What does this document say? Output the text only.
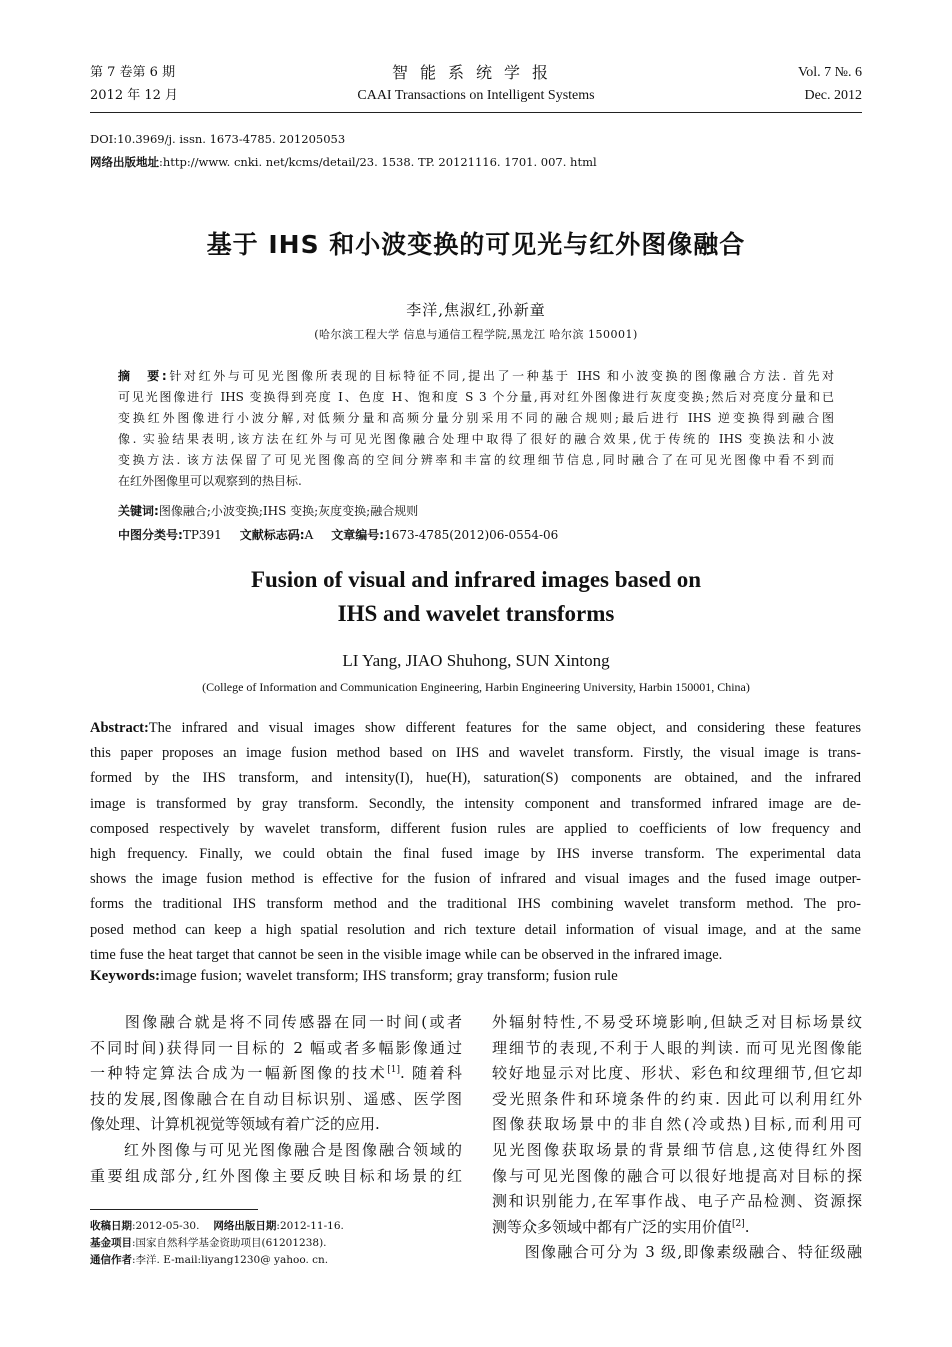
第 7 卷第 6 期
2012 年 12 月
智能系统学报
CAAI Transactions on Intelligent Systems
Vol. 7 №. 6
Dec. 2012
DOI:10.3969/j. issn. 1673-4785. 201205053
网络出版地址:http://www. cnki. net/kcms/detail/23. 1538. TP. 20121116. 1701. 007. html
基于 IHS 和小波变换的可见光与红外图像融合
李洋,焦淑红,孙新童
(哈尔滨工程大学 信息与通信工程学院,黑龙江 哈尔滨 150001)
摘　要:针对红外与可见光图像所表现的目标特征不同,提出了一种基于 IHS 和小波变换的图像融合方法. 首先对
可见光图像进行 IHS 变换得到亮度 I、色度 H、饱和度 S 3 个分量,再对红外图像进行灰度变换;然后对亮度分量和已
变换红外图像进行小波分解,对低频分量和高频分量分别采用不同的融合规则;最后进行 IHS 逆变换得到融合图
像. 实验结果表明,该方法在红外与可见光图像融合处理中取得了很好的融合效果,优于传统的 IHS 变换法和小波
变换方法. 该方法保留了可见光图像高的空间分辨率和丰富的纹理细节信息,同时融合了在可见光图像中看不到而
在红外图像里可以观察到的热目标.
关键词:图像融合;小波变换;IHS 变换;灰度变换;融合规则
中图分类号:TP391 文献标志码:A 文章编号:1673-4785(2012)06-0554-06
Fusion of visual and infrared images based on
IHS and wavelet transforms
LI Yang, JIAO Shuhong, SUN Xintong
(College of Information and Communication Engineering, Harbin Engineering University, Harbin 150001, China)
Abstract:The infrared and visual images show different features for the same object, and considering these features
this paper proposes an image fusion method based on IHS and wavelet transform. Firstly, the visual image is trans-
formed by the IHS transform, and intensity(I), hue(H), saturation(S) components are obtained, and the infrared
image is transformed by gray transform. Secondly, the intensity component and transformed infrared image are de-
composed respectively by wavelet transform, different fusion rules are applied to coefficients of low frequency and
high frequency. Finally, we could obtain the final fused image by IHS inverse transform. The experimental data
shows the image fusion method is effective for the fusion of infrared and visual images and the fused image outper-
forms the traditional IHS transform method and the traditional IHS combining wavelet transform method. The pro-
posed method can keep a high spatial resolution and rich texture detail information of visual image, and at the same
time fuse the heat target that cannot be seen in the visible image while can be observed in the infrared image.
Keywords:image fusion; wavelet transform; IHS transform; gray transform; fusion rule
　　图像融合就是将不同传感器在同一时间(或者
不同时间)获得同一目标的 2 幅或者多幅影像通过
一种特定算法合成为一幅新图像的技术[1]. 随着科
技的发展,图像融合在自动目标识别、遥感、医学图
像处理、计算机视觉等领域有着广泛的应用.
　　红外图像与可见光图像融合是图像融合领域的
重要组成部分,红外图像主要反映目标和场景的红
外辐射特性,不易受环境影响,但缺乏对目标场景纹
理细节的表现,不利于人眼的判读. 而可见光图像能
较好地显示对比度、形状、彩色和纹理细节,但它却
受光照条件和环境条件的约束. 因此可以利用红外
图像获取场景中的非自然(冷或热)目标,而利用可
见光图像获取场景的背景细节信息,这使得红外图
像与可见光图像的融合可以很好地提高对目标的探
测和识别能力,在军事作战、电子产品检测、资源探
测等众多领域中都有广泛的实用价值[2].
　　图像融合可分为 3 级,即像素级融合、特征级融
收稿日期:2012-05-30. 网络出版日期:2012-11-16.
基金项目:国家自然科学基金资助项目(61201238).
通信作者:李洋. E-mail:liyang1230@ yahoo. cn.
